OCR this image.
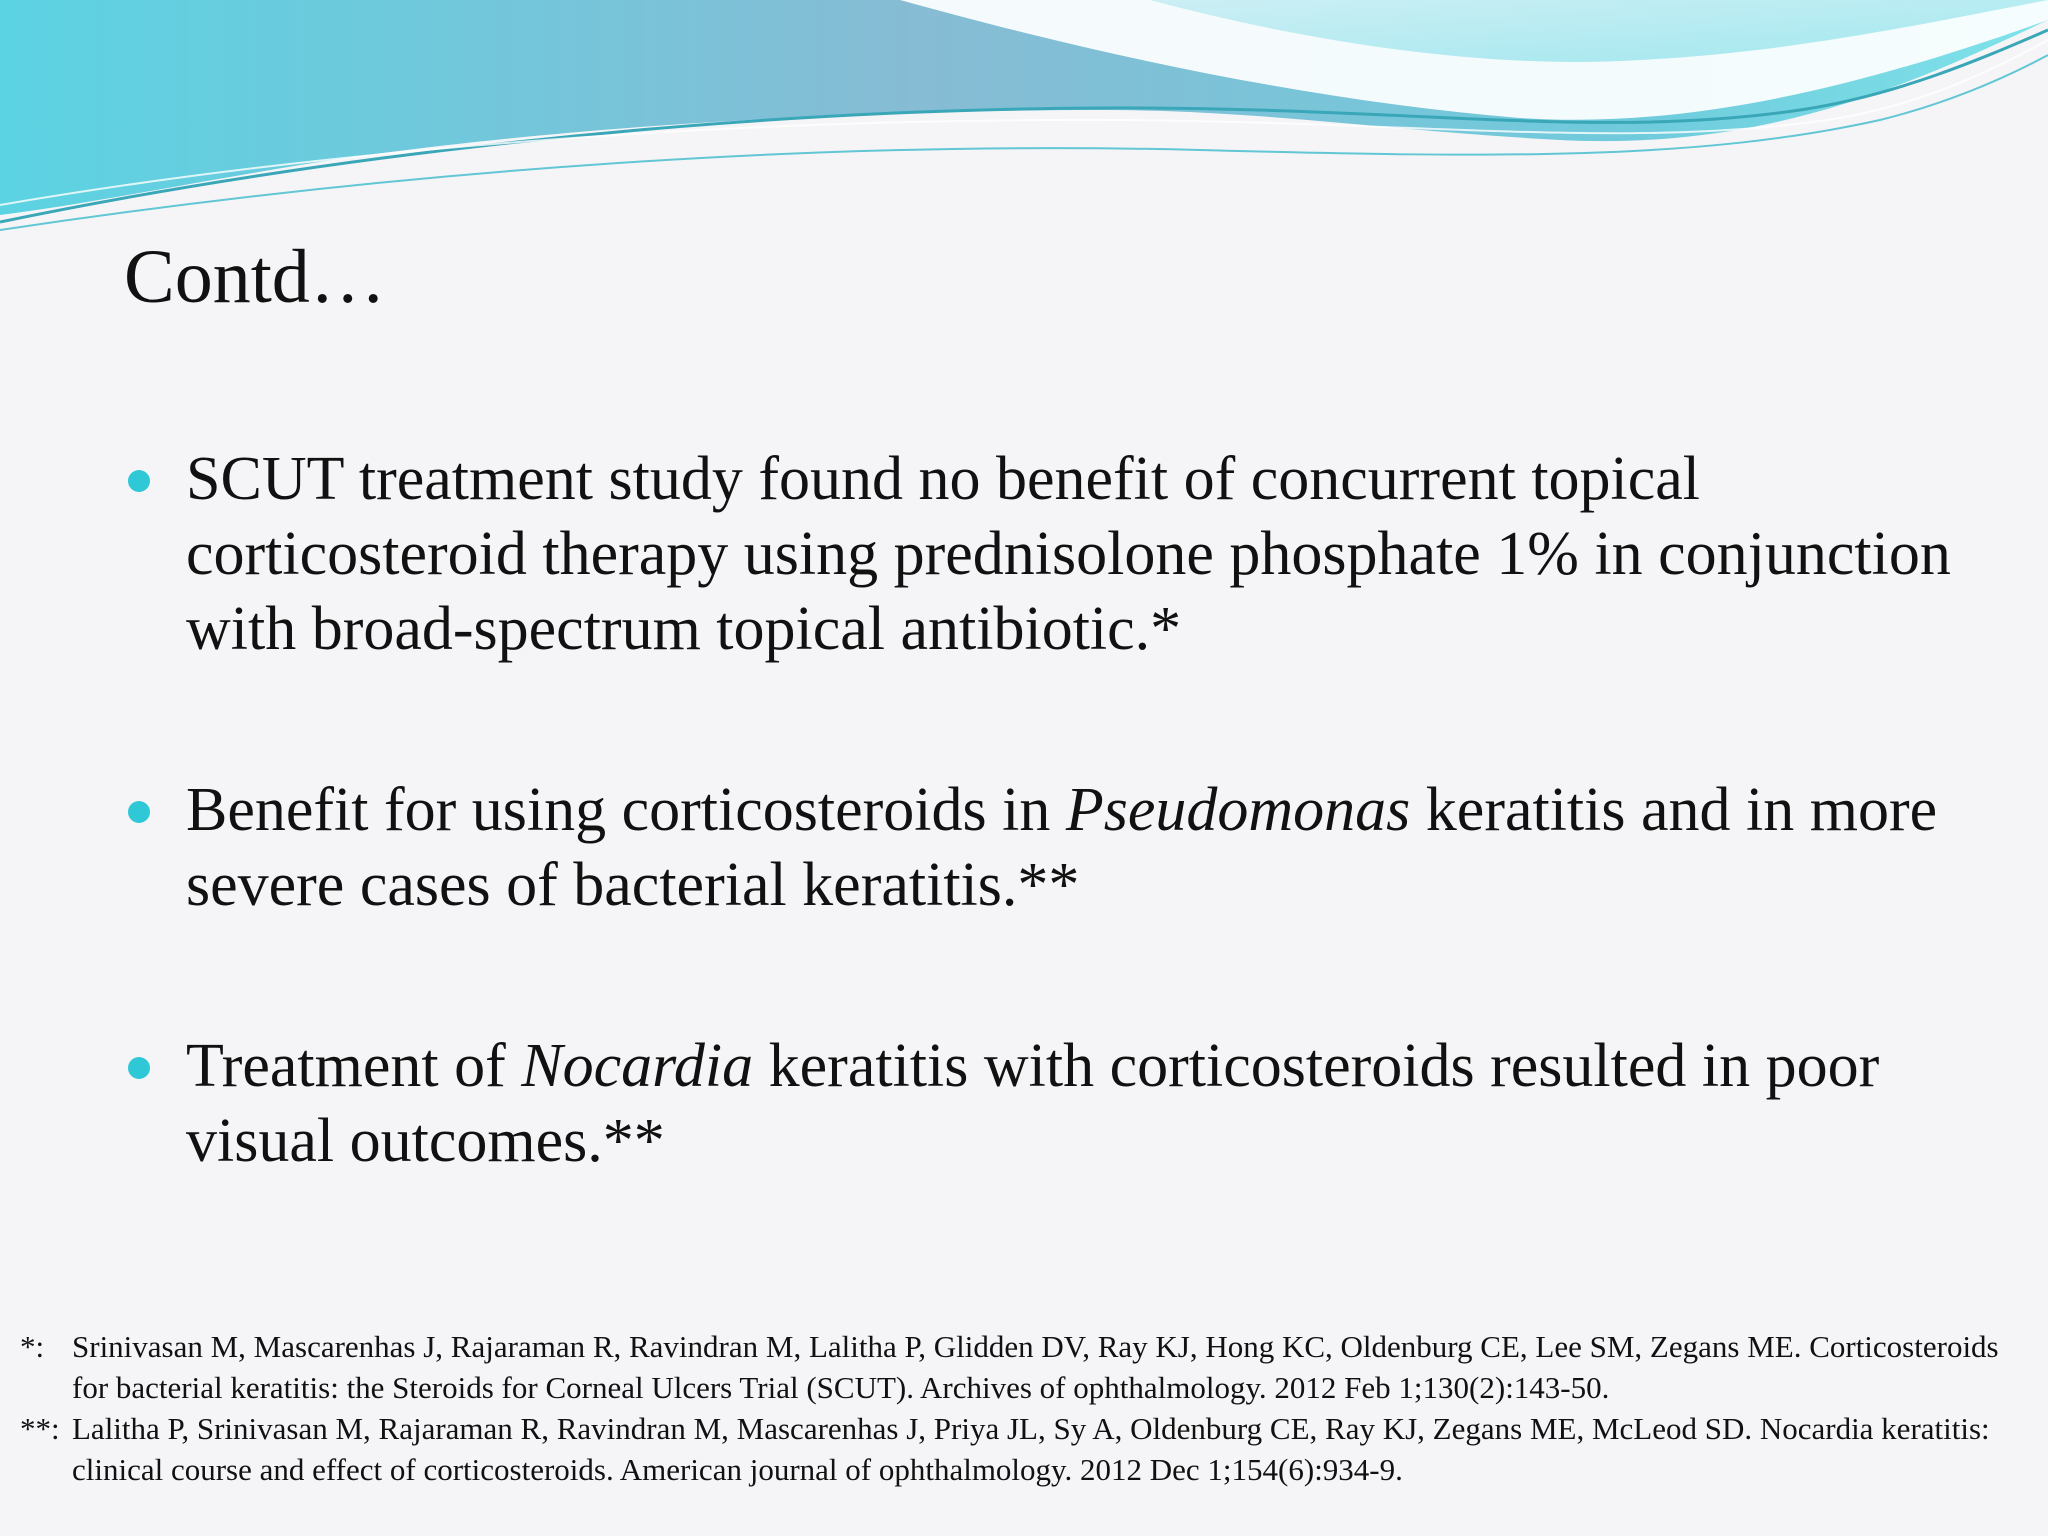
Contd…
SCUT treatment study found no benefit of concurrent topical corticosteroid therapy using prednisolone phosphate 1% in conjunction with broad-spectrum topical antibiotic.*
Benefit for using corticosteroids in Pseudomonas keratitis and in more severe cases of bacterial keratitis.**
Treatment of Nocardia keratitis with corticosteroids resulted in poor visual outcomes.**
*: Srinivasan M, Mascarenhas J, Rajaraman R, Ravindran M, Lalitha P, Glidden DV, Ray KJ, Hong KC, Oldenburg CE, Lee SM, Zegans ME. Corticosteroids for bacterial keratitis: the Steroids for Corneal Ulcers Trial (SCUT). Archives of ophthalmology. 2012 Feb 1;130(2):143-50.
**: Lalitha P, Srinivasan M, Rajaraman R, Ravindran M, Mascarenhas J, Priya JL, Sy A, Oldenburg CE, Ray KJ, Zegans ME, McLeod SD. Nocardia keratitis: clinical course and effect of corticosteroids. American journal of ophthalmology. 2012 Dec 1;154(6):934-9.
